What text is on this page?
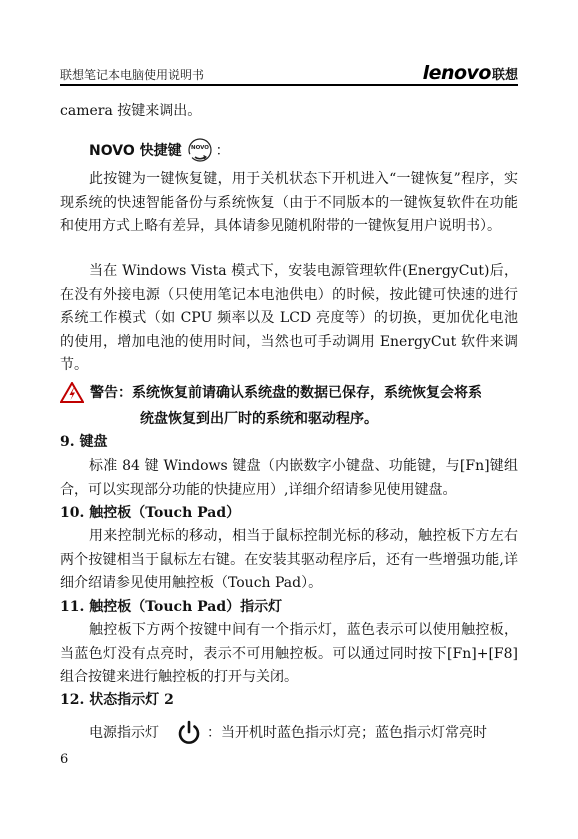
联想笔记本电脑使用说明书	lenovo 联想
camera 按键来调出。
NOVO 快捷键 NOVO ：
此按键为一键恢复键，用于关机状态下开机进入“一键恢复”程序，实现系统的快速智能备份与系统恢复（由于不同版本的一键恢复软件在功能和使用方式上略有差异，具体请参见随机附带的一键恢复用户说明书）。
当在 Windows Vista 模式下，安装电源管理软件(EnergyCut)后，在没有外接电源（只使用笔记本电池供电）的时候，按此键可快速的进行系统工作模式（如 CPU 频率以及 LCD 亮度等）的切换，更加优化电池的使用，增加电池的使用时间，当然也可手动调用 EnergyCut 软件来调节。
警告：系统恢复前请确认系统盘的数据已保存，系统恢复会将系
统盘恢复到出厂时的系统和驱动程序。
9. 键盘
标准 84 键 Windows 键盘（内嵌数字小键盘、功能键，与[Fn]键组合，可以实现部分功能的快捷应用）,详细介绍请参见使用键盘。
10. 触控板（Touch Pad）
用来控制光标的移动，相当于鼠标控制光标的移动，触控板下方左右两个按键相当于鼠标左右键。在安装其驱动程序后，还有一些增强功能,详细介绍请参见使用触控板（Touch Pad）。
11. 触控板（Touch Pad）指示灯
触控板下方两个按键中间有一个指示灯，蓝色表示可以使用触控板，当蓝色灯没有点亮时，表示不可用触控板。可以通过同时按下[Fn]+[F8]组合按键来进行触控板的打开与关闭。
12. 状态指示灯 2
电源指示灯	：当开机时蓝色指示灯亮；蓝色指示灯常亮时
6
